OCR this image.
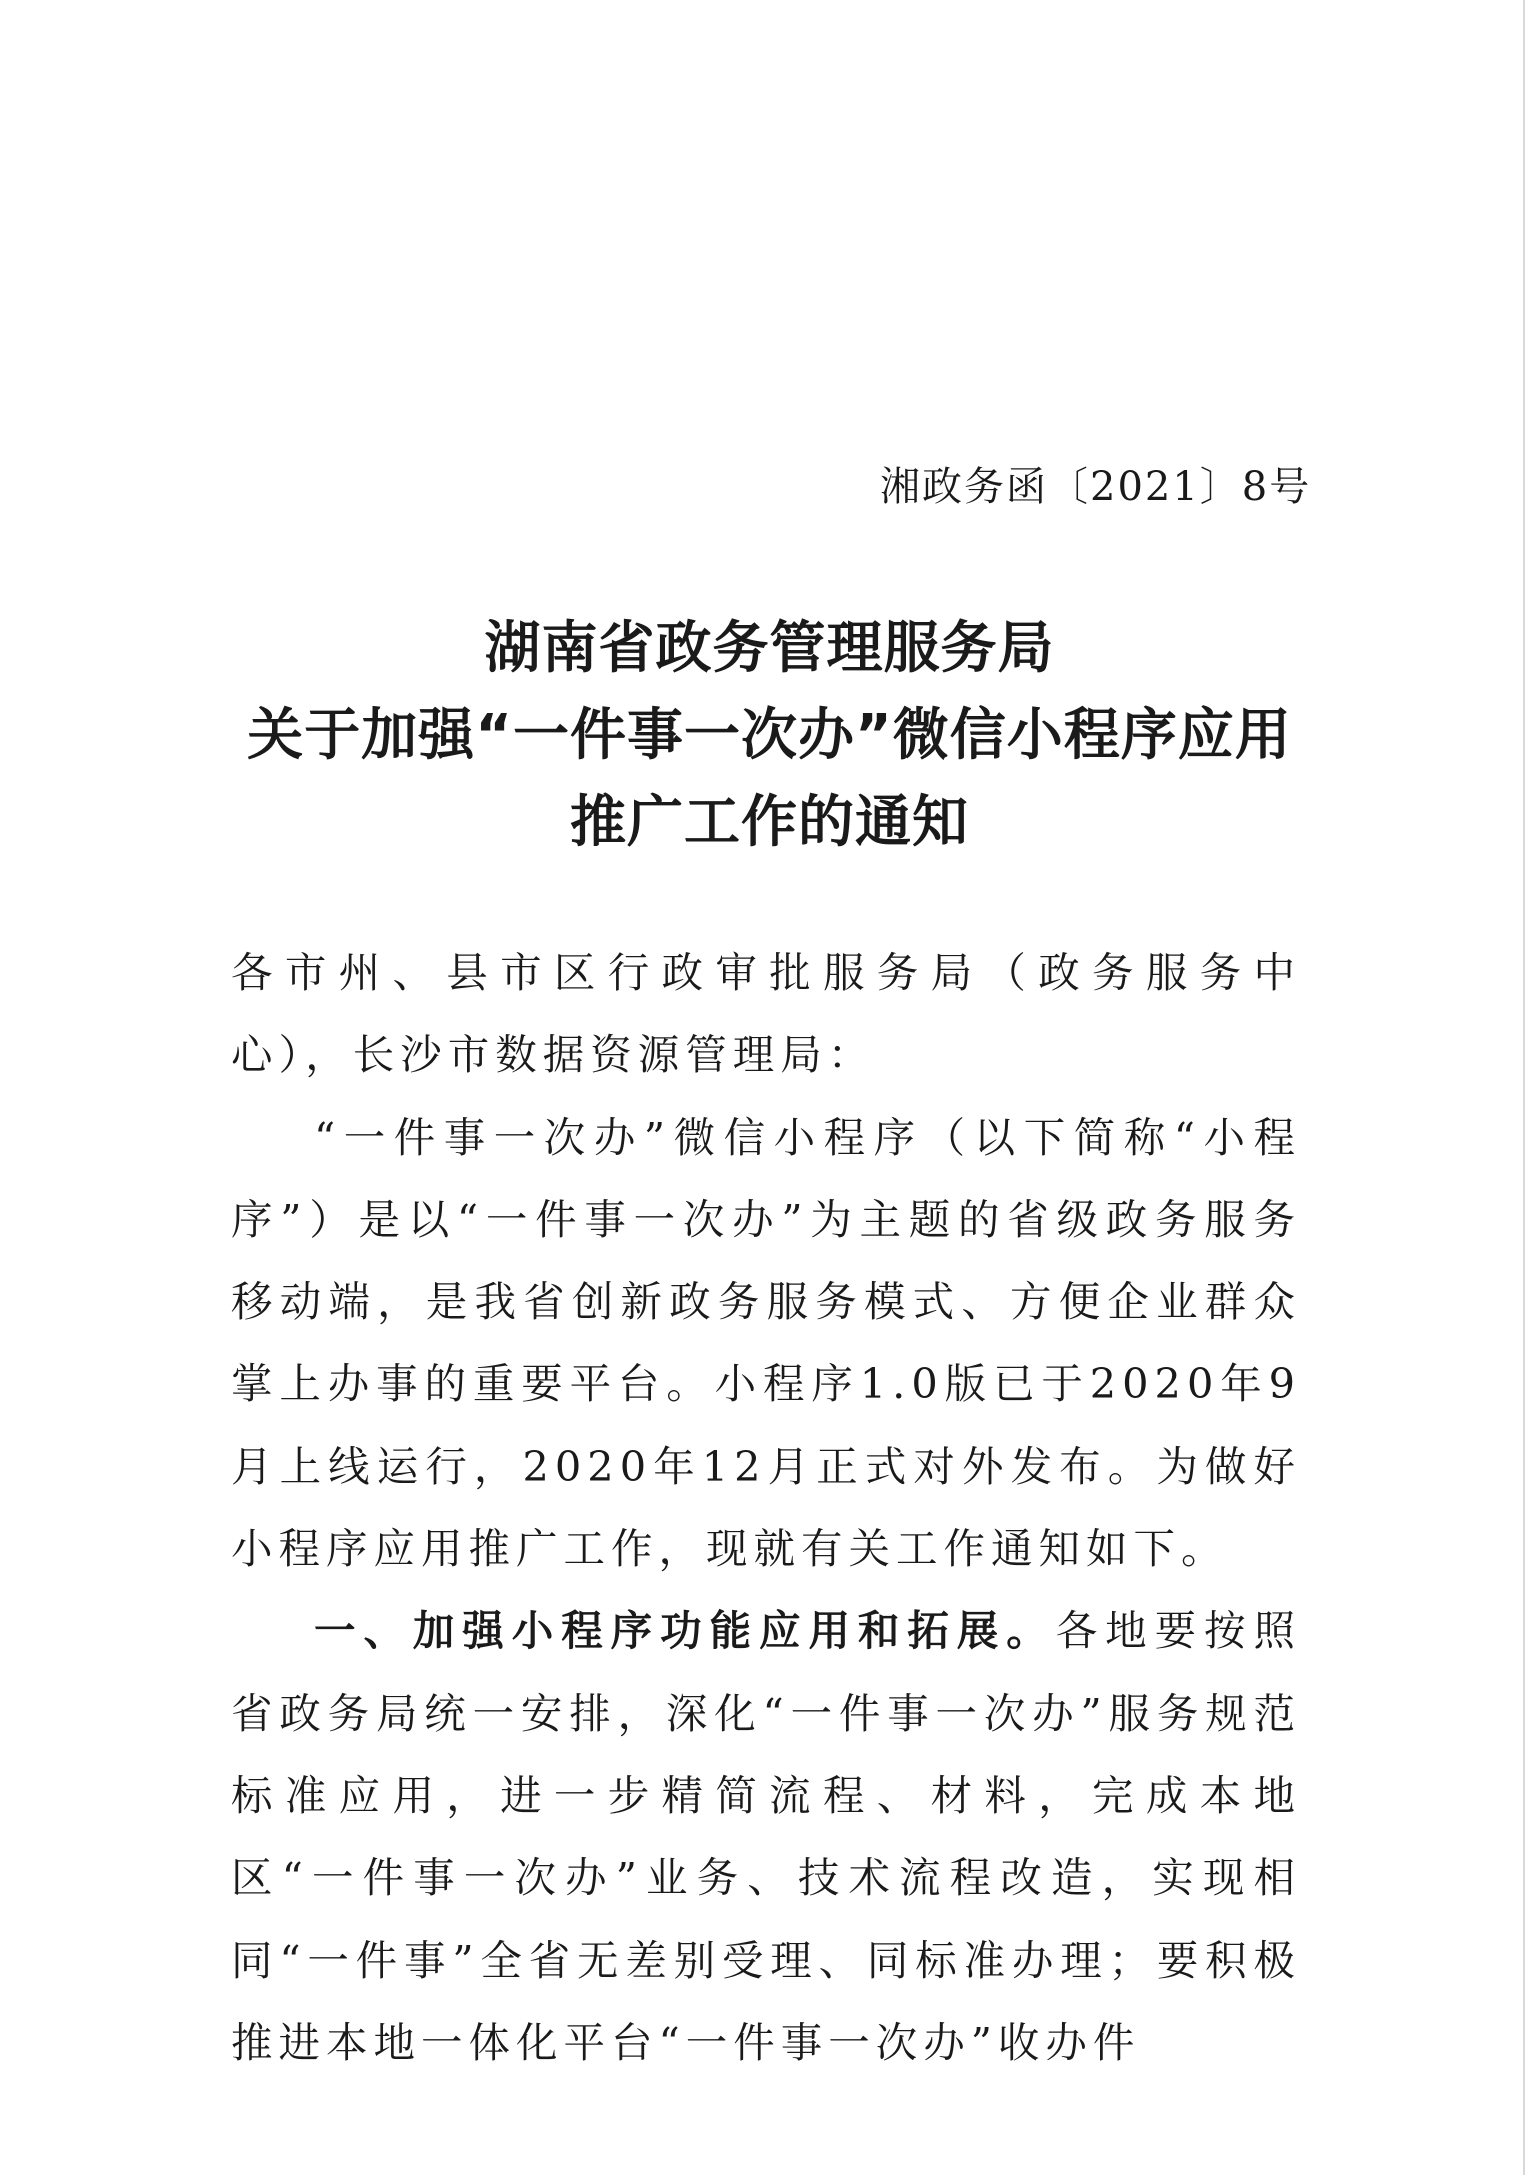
湘政务函〔2021〕8号
湖南省政务管理服务局
关于加强“一件事一次办”微信小程序应用
推广工作的通知

各市州、县市区行政审批服务局（政务服务中心），长沙市数据资源管理局：

“一件事一次办”微信小程序（以下简称“小程序”）是以“一件事一次办”为主题的省级政务服务移动端，是我省创新政务服务模式、方便企业群众掌上办事的重要平台。小程序1.0版已于2020年9月上线运行，2020年12月正式对外发布。为做好小程序应用推广工作，现就有关工作通知如下。

一、加强小程序功能应用和拓展。各地要按照省政务局统一安排，深化“一件事一次办”服务规范标准应用，进一步精简流程、材料，完成本地区“一件事一次办”业务、技术流程改造，实现相同“一件事”全省无差别受理、同标准办理；要积极推进本地一体化平台“一件事一次办”收办件
